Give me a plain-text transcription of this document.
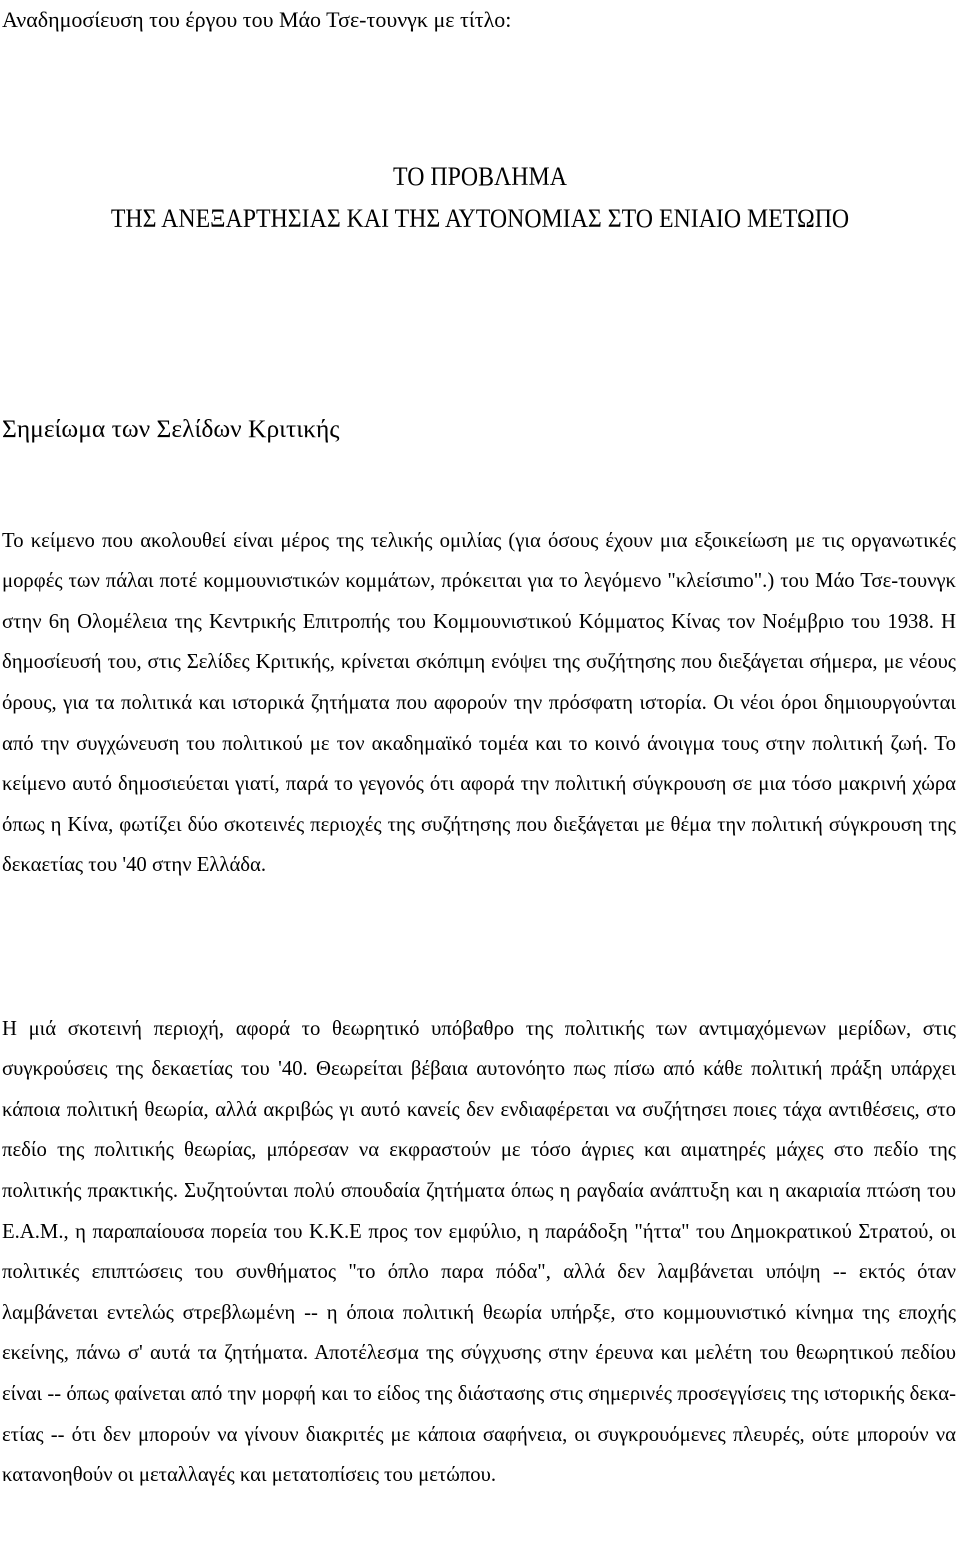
Αναδημοσίευση του έργου του Μάο Τσε-τουνγκ με τίτλο:
ΤΟ ΠΡΟΒΛΗΜΑ
ΤΗΣ ΑΝΕΞΑΡΤΗΣΙΑΣ ΚΑΙ ΤΗΣ ΑΥΤΟΝΟΜΙΑΣ ΣΤΟ ΕΝΙΑΙΟ ΜΕΤΩΠΟ
Σημείωμα των Σελίδων Κριτικής

Το κείμενο που ακολουθεί είναι μέρος της τελικής ομιλίας (για όσους έχουν μια εξοικείωση με τις οργανωτικές μορφές των πάλαι ποτέ κομμουνιστικών κομμάτων, πρόκειται για το λεγόμενο "κλείσιmο".) του Μάο Τσε-τουνγκ στην 6η Ολομέλεια της Κεντρικής Επιτροπής του Κομμουνιστικού Κόμματος Κίνας τον Νοέμβριο του 1938. Η δημοσίευσή του, στις Σελίδες Κριτικής, κρίνεται σκόπιμη ενόψει της συζήτησης που διεξάγεται σήμερα, με νέους όρους, για τα πολιτικά και ιστορικά ζητήματα που αφορούν την πρόσφατη ιστορία. Οι νέοι όροι δημιουργούνται από την συγχώνευση του πολιτικού με τον ακαδημαϊκό τομέα και το κοινό άνοιγμα τους στην πολιτική ζωή. Το κείμενο αυτό δημοσιεύεται γιατί, παρά το γεγονός ότι αφορά την πολιτική σύγκρουση σε μια τόσο μακρινή χώρα όπως η Κίνα, φωτίζει δύο σκοτεινές περιοχές της συζήτησης που διεξάγεται με θέμα την πολιτική σύγκρουση της δεκαετίας του '40 στην Ελλάδα.

Η μιά σκοτεινή περιοχή, αφορά το θεωρητικό υπόβαθρο της πολιτικής των αντιμαχόμενων μερίδων, στις συγκρούσεις της δεκαετίας του '40. Θεωρείται βέβαια αυτονόητο πως πίσω από κάθε πολιτική πράξη υπάρχει κάποια πολιτική θεωρία, αλλά ακριβώς γι αυτό κανείς δεν ενδιαφέρεται να συζήτησει ποιες τάχα αντιθέσεις, στο πεδίο της πολιτικής θεωρίας, μπόρεσαν να εκφραστούν με τόσο άγριες και αιματηρές μάχες στο πεδίο της πολιτικής πρακτικής. Συζητούνται πολύ σπουδαία ζητήματα όπως η ραγδαία ανάπτυξη και η ακαριαία πτώση του Ε.Α.Μ., η παραπαίουσα πορεία του Κ.Κ.Ε προς τον εμφύλιο, η παράδοξη "ήττα" του Δημοκρατικού Στρατού, οι πολιτικές επιπτώσεις του συνθήματος "το όπλο παρα πόδα", αλλά δεν λαμβάνεται υπόψη -- εκτός όταν λαμβάνεται εντελώς στρεβλωμένη -- η όποια πολιτική θεωρία υπήρξε, στο κομμουνιστικό κίνημα της εποχής εκείνης, πάνω σ' αυτά τα ζητήματα. Αποτέλεσμα της σύγχυσης στην έρευνα και μελέτη του θεωρητικού πεδίου είναι -- όπως φαίνεται από την μορφή και το είδος της διάστασης στις σημερινές προσεγγίσεις της ιστορικής δεκαετίας -- ότι δεν μπορούν να γίνουν διακριτές με κάποια σαφήνεια, οι συγκρουόμενες πλευρές, ούτε μπορούν να κατανοηθούν οι μεταλλαγές και μετατοπίσεις του μετώπου.
